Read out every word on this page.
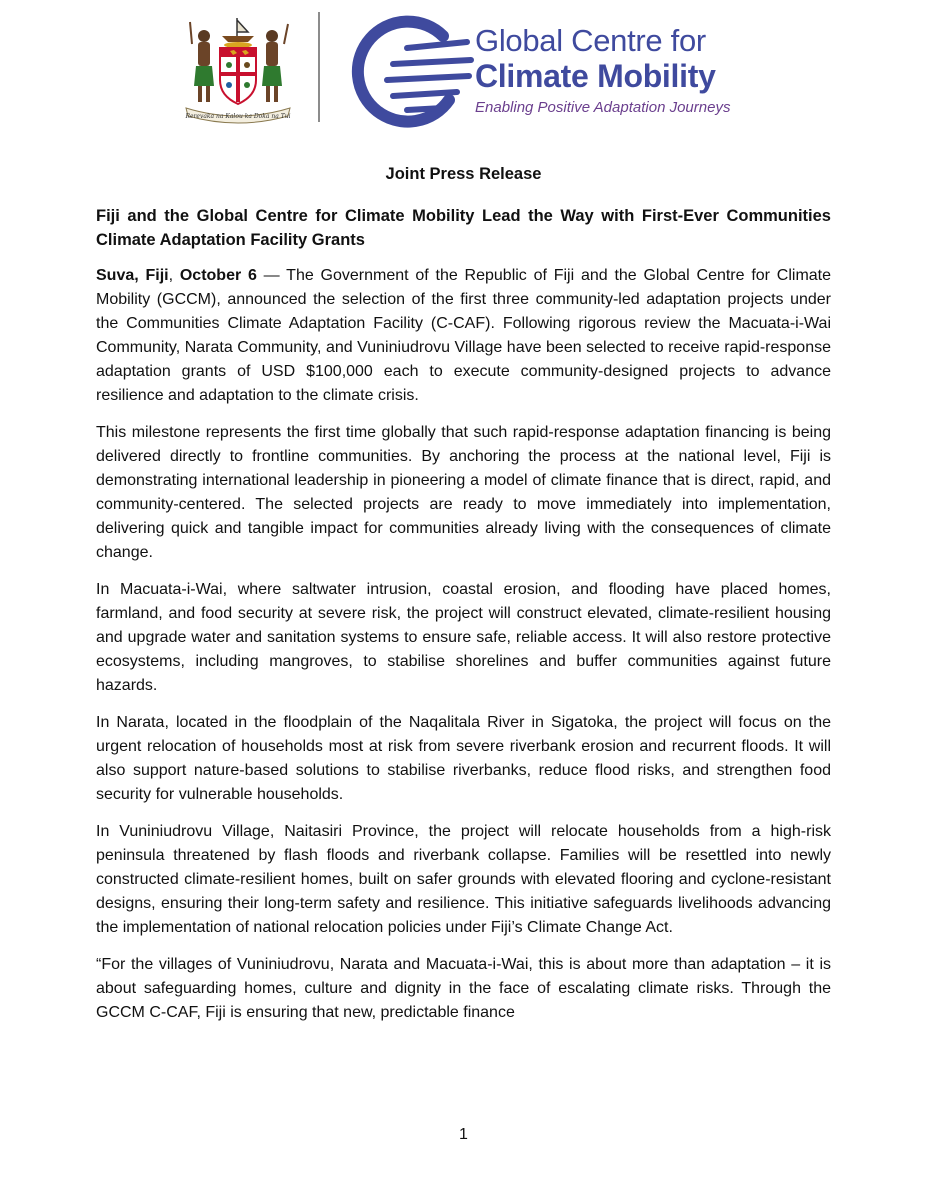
Rerevaka na Kalou ka Doka na Tui
Global Centre for
Climate Mobility
Enabling Positive Adaptation Journeys
Joint Press Release
Fiji and the Global Centre for Climate Mobility Lead the Way with First-Ever Communities Climate Adaptation Facility Grants

Suva, Fiji, October 6 — The Government of the Republic of Fiji and the Global Centre for Climate Mobility (GCCM), announced the selection of the first three community-led adaptation projects under the Communities Climate Adaptation Facility (C-CAF). Following rigorous review the Macuata-i-Wai Community, Narata Community, and Vuniniudrovu Village have been selected to receive rapid-response adaptation grants of USD $100,000 each to execute community-designed projects to advance resilience and adaptation to the climate crisis.

This milestone represents the first time globally that such rapid-response adaptation financing is being delivered directly to frontline communities. By anchoring the process at the national level, Fiji is demonstrating international leadership in pioneering a model of climate finance that is direct, rapid, and community-centered. The selected projects are ready to move immediately into implementation, delivering quick and tangible impact for communities already living with the consequences of climate change.

In Macuata-i-Wai, where saltwater intrusion, coastal erosion, and flooding have placed homes, farmland, and food security at severe risk, the project will construct elevated, climate-resilient housing and upgrade water and sanitation systems to ensure safe, reliable access. It will also restore protective ecosystems, including mangroves, to stabilise shorelines and buffer communities against future hazards.

In Narata, located in the floodplain of the Naqalitala River in Sigatoka, the project will focus on the urgent relocation of households most at risk from severe riverbank erosion and recurrent floods. It will also support nature-based solutions to stabilise riverbanks, reduce flood risks, and strengthen food security for vulnerable households.

In Vuniniudrovu Village, Naitasiri Province, the project will relocate households from a high-risk peninsula threatened by flash floods and riverbank collapse. Families will be resettled into newly constructed climate-resilient homes, built on safer grounds with elevated flooring and cyclone-resistant designs, ensuring their long-term safety and resilience. This initiative safeguards livelihoods advancing the implementation of national relocation policies under Fiji’s Climate Change Act.

“For the villages of Vuniniudrovu, Narata and Macuata-i-Wai, this is about more than adaptation – it is about safeguarding homes, culture and dignity in the face of escalating climate risks. Through the GCCM C-CAF, Fiji is ensuring that new, predictable finance

1
